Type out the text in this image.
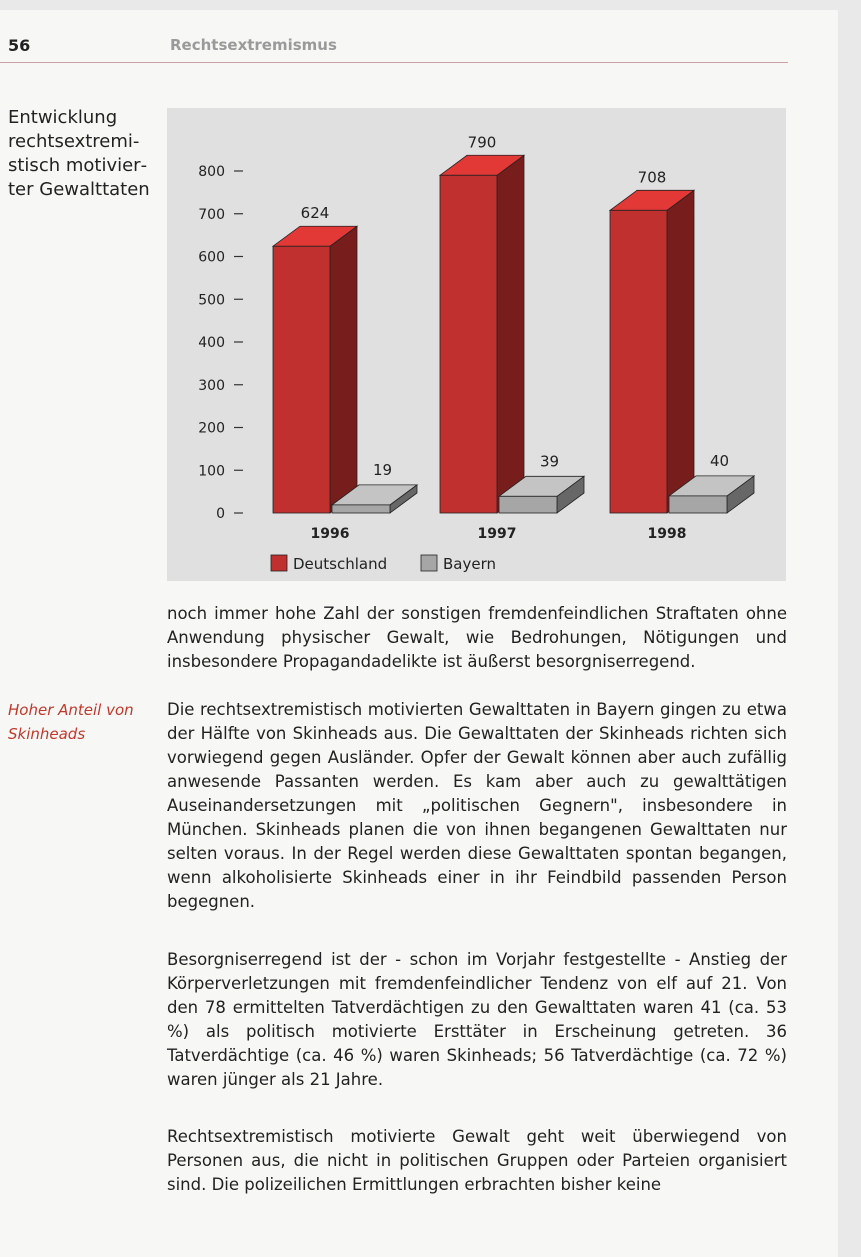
56	Rechtsextremismus
Entwicklung rechtsextremistisch motivierter Gewalttaten
Hoher Anteil von Skinheads
0
100
200
300
400
500
600
700
800
624
19
1996
790
39
1997
708
40
1998
Deutschland	Bayern

noch immer hohe Zahl der sonstigen fremdenfeindlichen Straftaten ohne Anwendung physischer Gewalt, wie Bedrohungen, Nötigungen und insbesondere Propagandadelikte ist äußerst besorgniserregend.

Die rechtsextremistisch motivierten Gewalttaten in Bayern gingen zu etwa der Hälfte von Skinheads aus. Die Gewalttaten der Skinheads richten sich vorwiegend gegen Ausländer. Opfer der Gewalt können aber auch zufällig anwesende Passanten werden. Es kam aber auch zu gewalttätigen Auseinandersetzungen mit „politischen Gegnern", insbesondere in München. Skinheads planen die von ihnen begangenen Gewalttaten nur selten voraus. In der Regel werden diese Gewalttaten spontan begangen, wenn alkoholisierte Skinheads einer in ihr Feindbild passenden Person begegnen.

Besorgniserregend ist der - schon im Vorjahr festgestellte - Anstieg der Körperverletzungen mit fremdenfeindlicher Tendenz von elf auf 21. Von den 78 ermittelten Tatverdächtigen zu den Gewalttaten waren 41 (ca. 53 %) als politisch motivierte Ersttäter in Erscheinung getreten. 36 Tatverdächtige (ca. 46 %) waren Skinheads; 56 Tatverdächtige (ca. 72 %) waren jünger als 21 Jahre.

Rechtsextremistisch motivierte Gewalt geht weit überwiegend von Personen aus, die nicht in politischen Gruppen oder Parteien organisiert sind. Die polizeilichen Ermittlungen erbrachten bisher keine
